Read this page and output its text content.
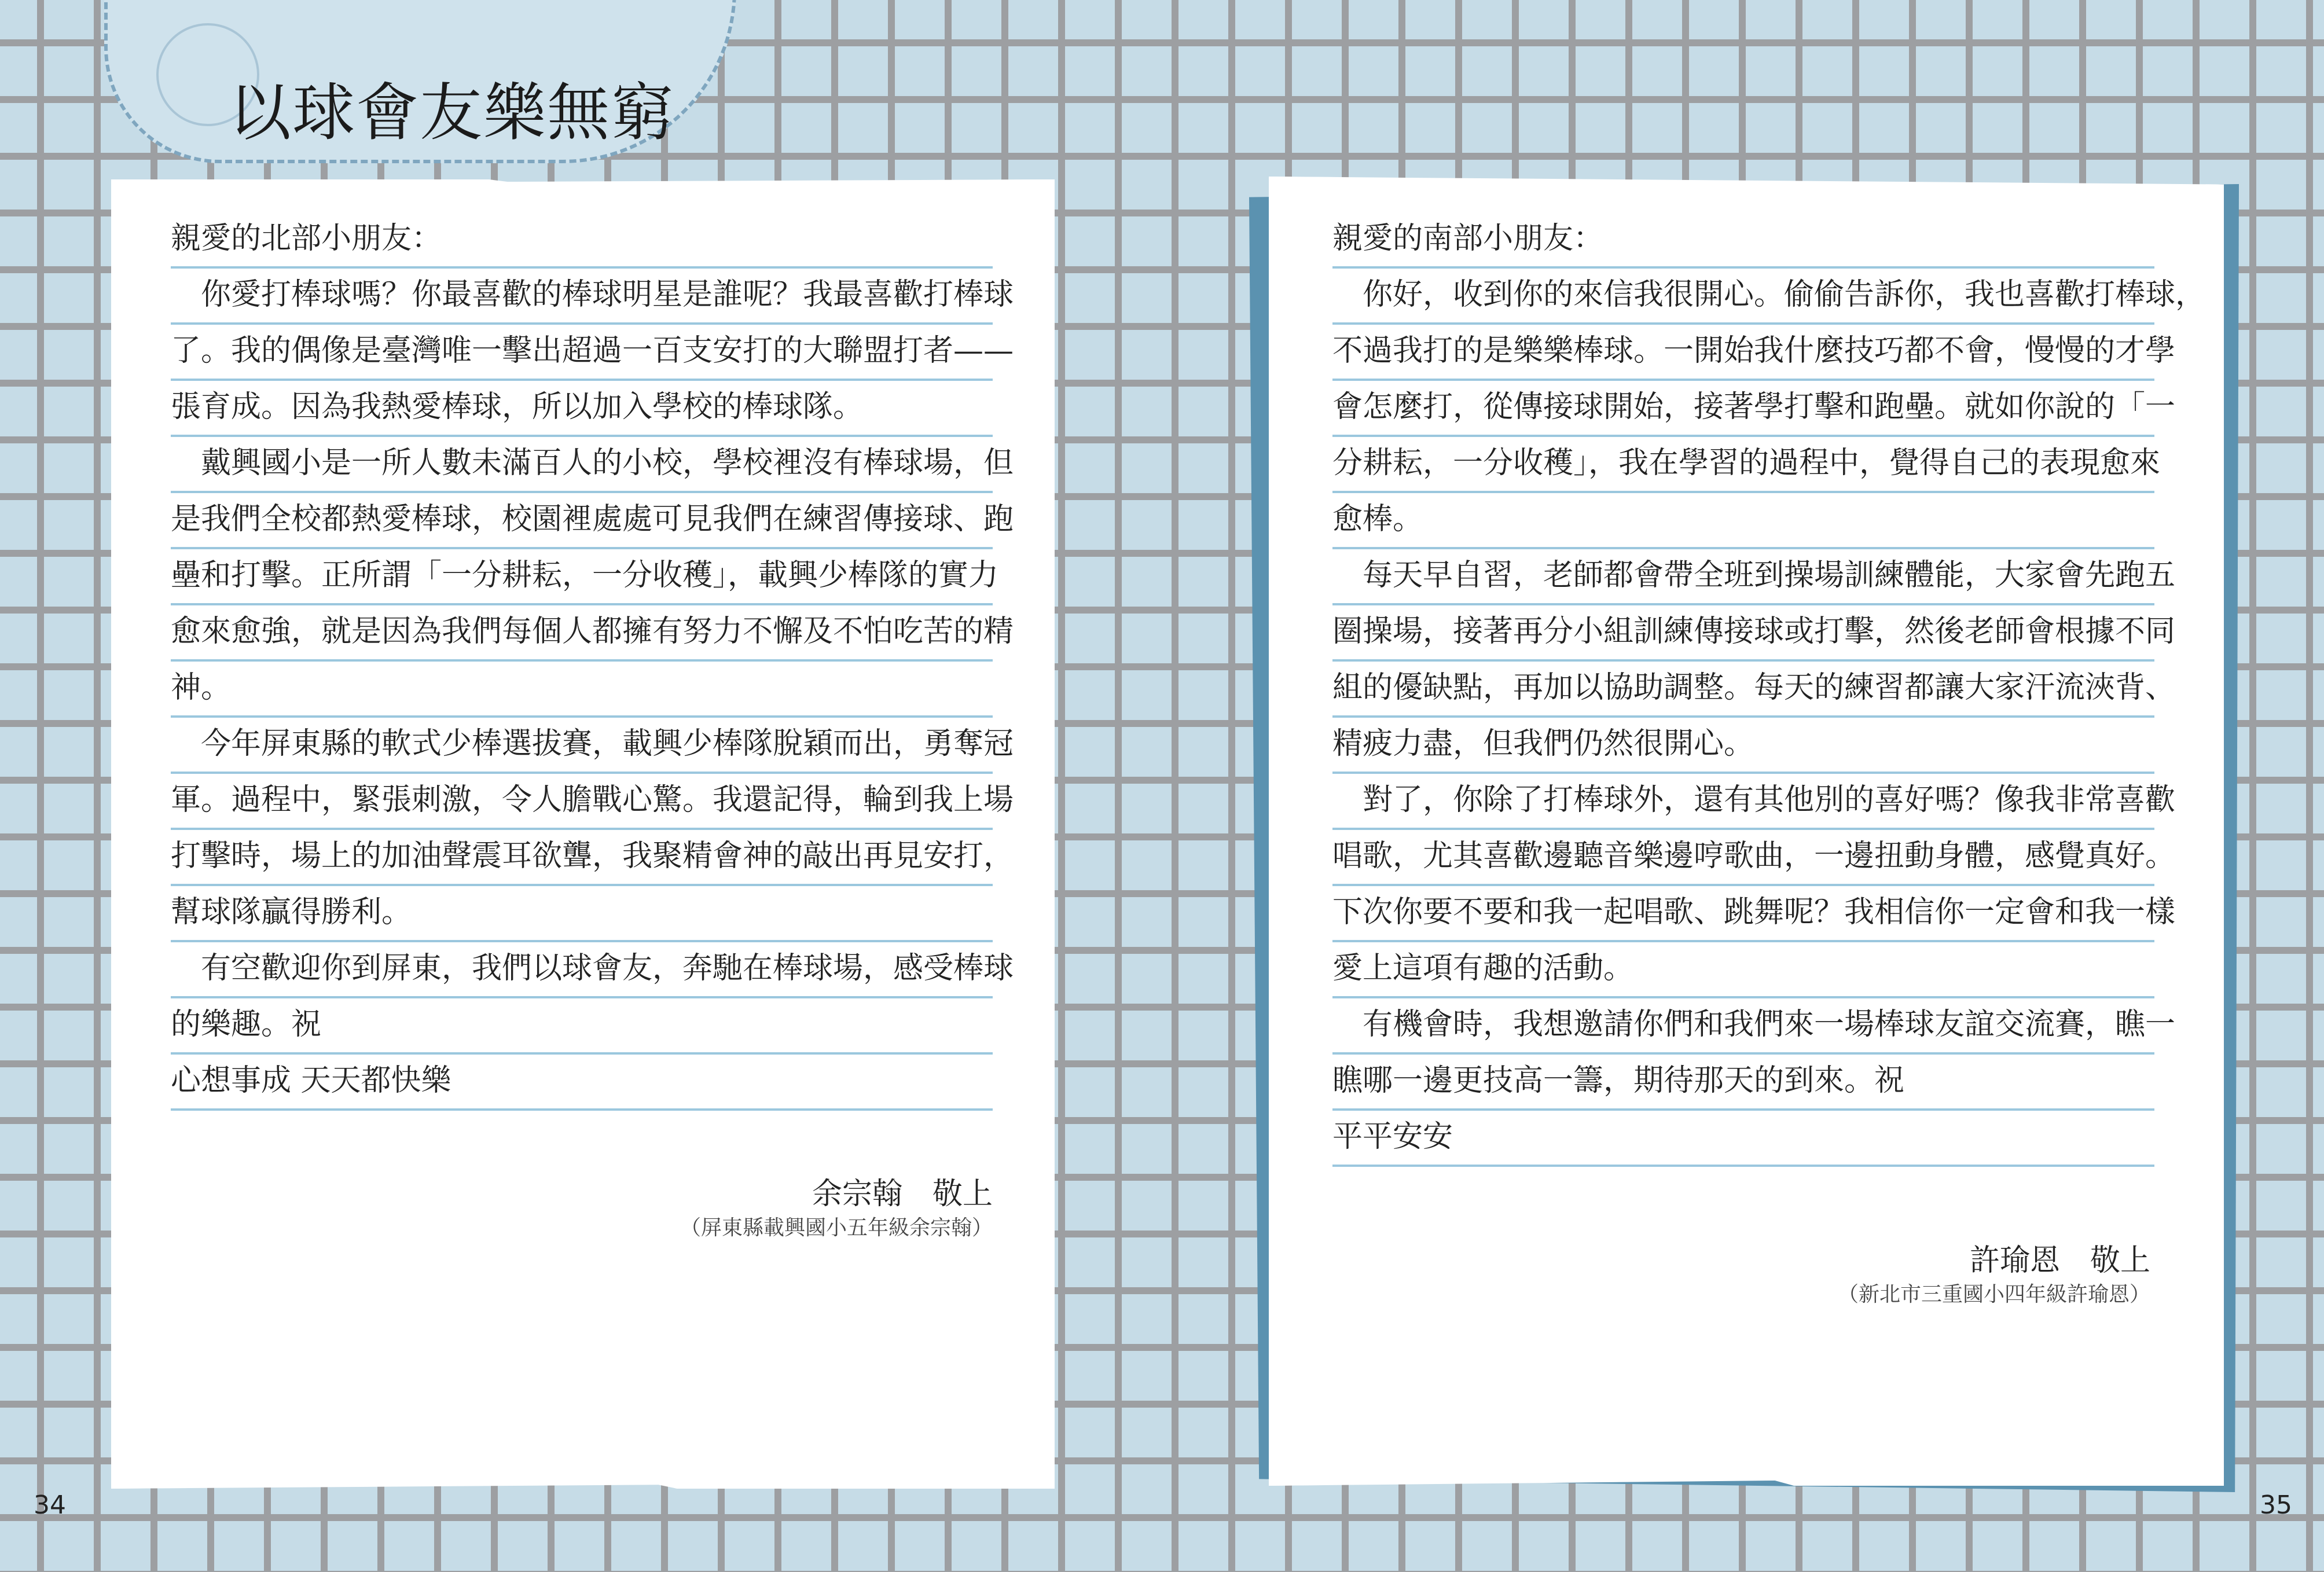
以球會友樂無窮
親愛的北部小朋友：
　你愛打棒球嗎？你最喜歡的棒球明星是誰呢？我最喜歡打棒球
了。我的偶像是臺灣唯一擊出超過一百支安打的大聯盟打者——
張育成。因為我熱愛棒球，所以加入學校的棒球隊。
　戴興國小是一所人數未滿百人的小校，學校裡沒有棒球場，但
是我們全校都熱愛棒球，校園裡處處可見我們在練習傳接球、跑
壘和打擊。正所謂「一分耕耘，一分收穫」，載興少棒隊的實力
愈來愈強，就是因為我們每個人都擁有努力不懈及不怕吃苦的精
神。
　今年屏東縣的軟式少棒選拔賽，載興少棒隊脫穎而出，勇奪冠
軍。過程中，緊張刺激，令人膽戰心驚。我還記得，輪到我上場
打擊時，場上的加油聲震耳欲聾，我聚精會神的敲出再見安打，
幫球隊贏得勝利。
　有空歡迎你到屏東，我們以球會友，奔馳在棒球場，感受棒球
的樂趣。祝
心想事成 天天都快樂
余宗翰　敬上
（屏東縣載興國小五年級余宗翰）
親愛的南部小朋友：
　你好，收到你的來信我很開心。偷偷告訴你，我也喜歡打棒球，
不過我打的是樂樂棒球。一開始我什麼技巧都不會，慢慢的才學
會怎麼打，從傳接球開始，接著學打擊和跑壘。就如你說的「一
分耕耘，一分收穫」，我在學習的過程中，覺得自己的表現愈來
愈棒。
　每天早自習，老師都會帶全班到操場訓練體能，大家會先跑五
圈操場，接著再分小組訓練傳接球或打擊，然後老師會根據不同
組的優缺點，再加以協助調整。每天的練習都讓大家汗流浹背、
精疲力盡，但我們仍然很開心。
　對了，你除了打棒球外，還有其他別的喜好嗎？像我非常喜歡
唱歌，尤其喜歡邊聽音樂邊哼歌曲，一邊扭動身體，感覺真好。
下次你要不要和我一起唱歌、跳舞呢？我相信你一定會和我一樣
愛上這項有趣的活動。
　有機會時，我想邀請你們和我們來一場棒球友誼交流賽，瞧一
瞧哪一邊更技高一籌，期待那天的到來。祝
平平安安
許瑜恩　敬上
（新北市三重國小四年級許瑜恩）
34	35
